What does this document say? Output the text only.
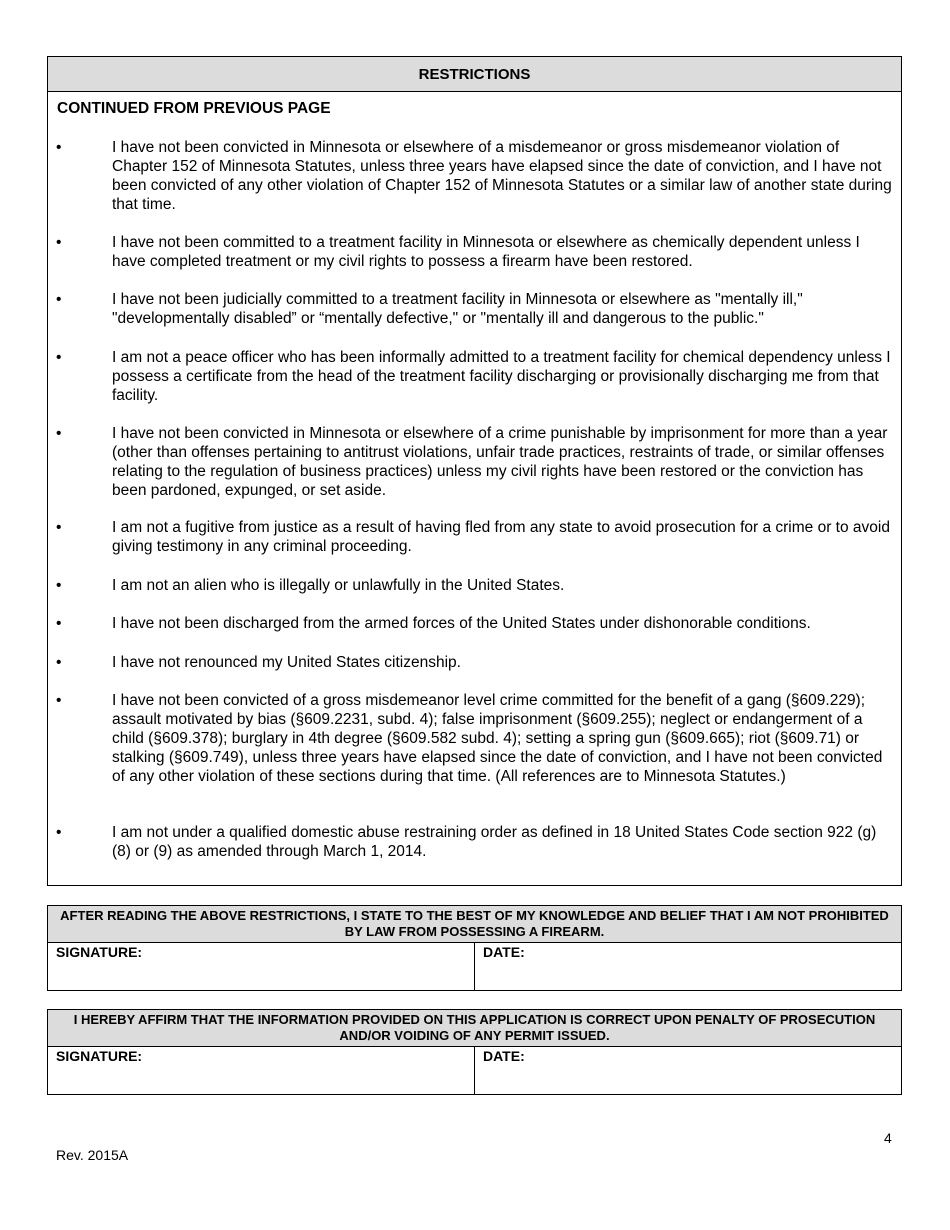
RESTRICTIONS
CONTINUED FROM PREVIOUS PAGE
•	I have not been convicted in Minnesota or elsewhere of a misdemeanor or gross misdemeanor violation of Chapter 152 of Minnesota Statutes, unless three years have elapsed since the date of conviction, and I have not been convicted of any other violation of Chapter 152 of Minnesota Statutes or a similar law of another state during that time.
•	I have not been committed to a treatment facility in Minnesota or elsewhere as chemically dependent unless I have completed treatment or my civil rights to possess a firearm have been restored.
•	I have not been judicially committed to a treatment facility in Minnesota or elsewhere as "mentally ill," "developmentally disabled” or “mentally defective," or "mentally ill and dangerous to the public."
•	I am not a peace officer who has been informally admitted to a treatment facility for chemical dependency unless I possess a certificate from the head of the treatment facility discharging or provisionally discharging me from that facility.
•	I have not been convicted in Minnesota or elsewhere of a crime punishable by imprisonment for more than a year (other than offenses pertaining to antitrust violations, unfair trade practices, restraints of trade, or similar offenses relating to the regulation of business practices) unless my civil rights have been restored or the conviction has been pardoned, expunged, or set aside.
•	I am not a fugitive from justice as a result of having fled from any state to avoid prosecution for a crime or to avoid giving testimony in any criminal proceeding.
•	I am not an alien who is illegally or unlawfully in the United States.
•	I have not been discharged from the armed forces of the United States under dishonorable conditions.
•	I have not renounced my United States citizenship.
•	I have not been convicted of a gross misdemeanor level crime committed for the benefit of a gang (§609.229); assault motivated by bias (§609.2231, subd. 4); false imprisonment (§609.255); neglect or endangerment of a child (§609.378); burglary in 4th degree (§609.582 subd. 4); setting a spring gun (§609.665); riot (§609.71) or stalking (§609.749), unless three years have elapsed since the date of conviction, and I have not been convicted of any other violation of these sections during that time. (All references are to Minnesota Statutes.)
•	I am not under a qualified domestic abuse restraining order as defined in 18 United States Code section 922 (g)(8) or (9) as amended through March 1, 2014.
AFTER READING THE ABOVE RESTRICTIONS, I STATE TO THE BEST OF MY KNOWLEDGE AND BELIEF THAT I AM NOT PROHIBITED BY LAW FROM POSSESSING A FIREARM.
SIGNATURE:	DATE:
I HEREBY AFFIRM THAT THE INFORMATION PROVIDED ON THIS APPLICATION IS CORRECT UPON PENALTY OF PROSECUTION AND/OR VOIDING OF ANY PERMIT ISSUED.
SIGNATURE:	DATE:
4
Rev. 2015A
